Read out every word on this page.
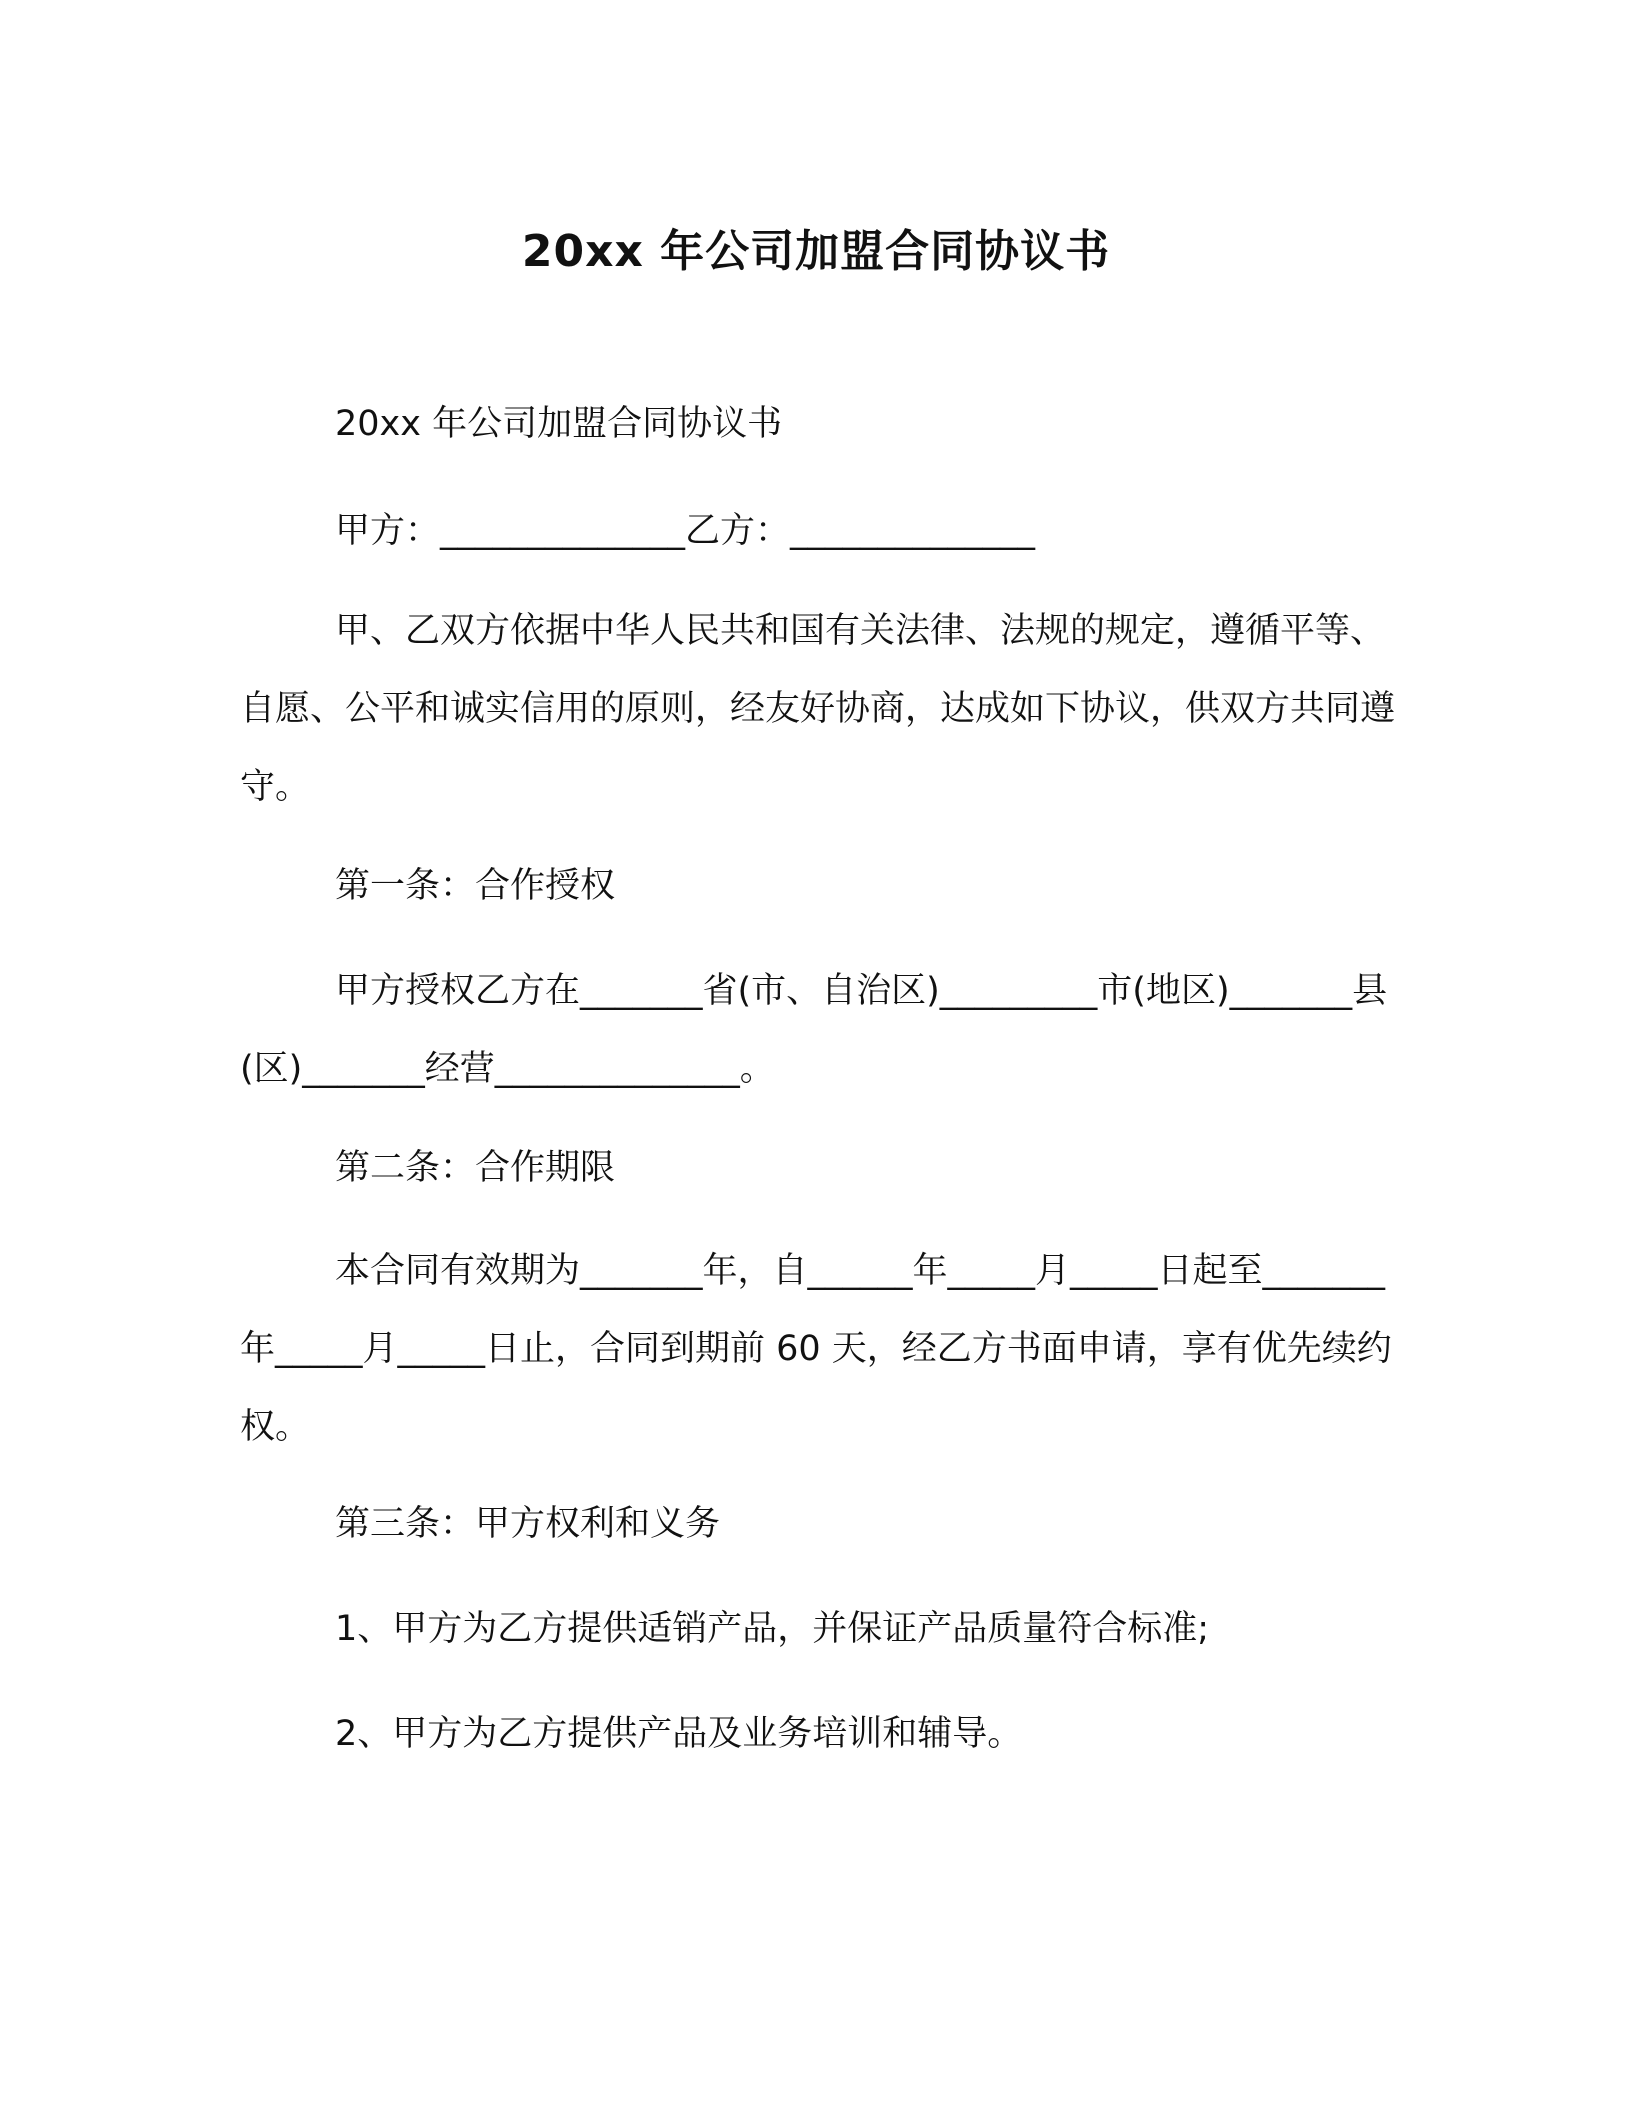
20xx 年公司加盟合同协议书

20xx 年公司加盟合同协议书

甲方：______________乙方：______________

甲、乙双方依据中华人民共和国有关法律、法规的规定，遵循平等、自愿、公平和诚实信用的原则，经友好协商，达成如下协议，供双方共同遵守。

第一条：合作授权

甲方授权乙方在_______省(市、自治区)_________市(地区)_______县(区)_______经营______________。

第二条：合作期限

本合同有效期为_______年，自______年_____月_____日起至_______年_____月_____日止，合同到期前 60 天，经乙方书面申请，享有优先续约权。

第三条：甲方权利和义务

1、甲方为乙方提供适销产品，并保证产品质量符合标准;

2、甲方为乙方提供产品及业务培训和辅导。
